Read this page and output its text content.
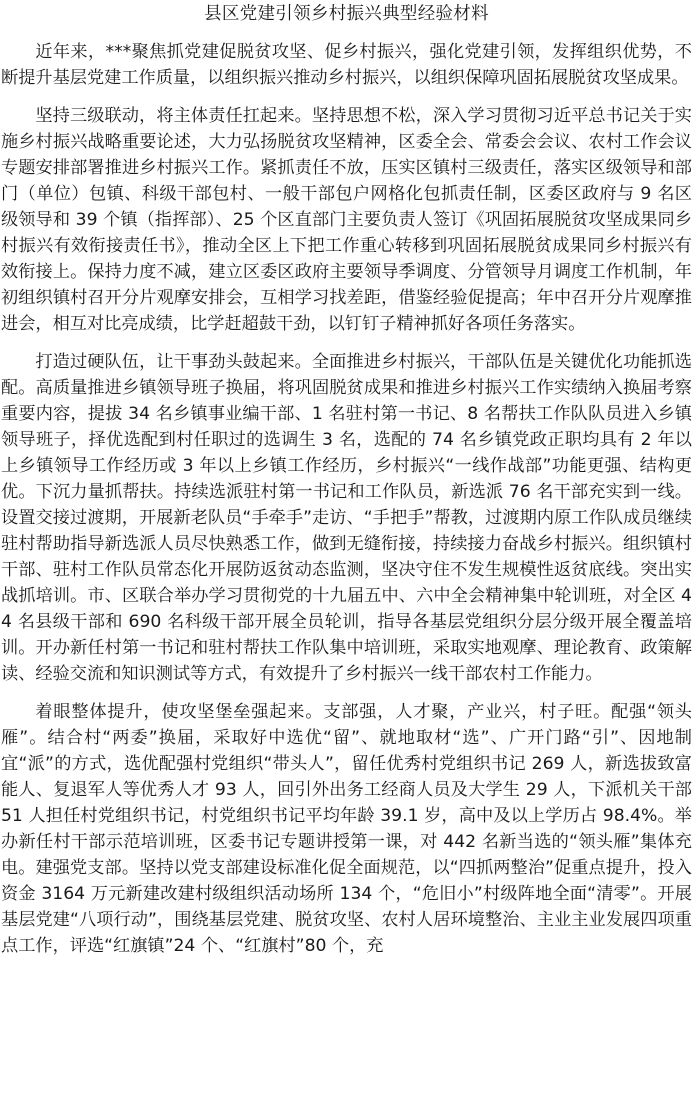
县区党建引领乡村振兴典型经验材料

近年来，***聚焦抓党建促脱贫攻坚、促乡村振兴，强化党建引领，发挥组织优势，不断提升基层党建工作质量，以组织振兴推动乡村振兴，以组织保障巩固拓展脱贫攻坚成果。

坚持三级联动，将主体责任扛起来。坚持思想不松，深入学习贯彻习近平总书记关于实施乡村振兴战略重要论述，大力弘扬脱贫攻坚精神，区委全会、常委会会议、农村工作会议专题安排部署推进乡村振兴工作。紧抓责任不放，压实区镇村三级责任，落实区级领导和部门（单位）包镇、科级干部包村、一般干部包户网格化包抓责任制，区委区政府与 9 名区级领导和 39 个镇（指挥部）、25 个区直部门主要负责人签订《巩固拓展脱贫攻坚成果同乡村振兴有效衔接责任书》，推动全区上下把工作重心转移到巩固拓展脱贫成果同乡村振兴有效衔接上。保持力度不减，建立区委区政府主要领导季调度、分管领导月调度工作机制，年初组织镇村召开分片观摩安排会，互相学习找差距，借鉴经验促提高；年中召开分片观摩推进会，相互对比亮成绩，比学赶超鼓干劲，以钉钉子精神抓好各项任务落实。

打造过硬队伍，让干事劲头鼓起来。全面推进乡村振兴，干部队伍是关键优化功能抓选配。高质量推进乡镇领导班子换届，将巩固脱贫成果和推进乡村振兴工作实绩纳入换届考察重要内容，提拔 34 名乡镇事业编干部、1 名驻村第一书记、8 名帮扶工作队队员进入乡镇领导班子，择优选配到村任职过的选调生 3 名，选配的 74 名乡镇党政正职均具有 2 年以上乡镇领导工作经历或 3 年以上乡镇工作经历，乡村振兴“一线作战部”功能更强、结构更优。下沉力量抓帮扶。持续选派驻村第一书记和工作队员，新选派 76 名干部充实到一线。设置交接过渡期，开展新老队员“手牵手”走访、“手把手”帮教，过渡期内原工作队成员继续驻村帮助指导新选派人员尽快熟悉工作，做到无缝衔接，持续接力奋战乡村振兴。组织镇村干部、驻村工作队员常态化开展防返贫动态监测，坚决守住不发生规模性返贫底线。突出实战抓培训。市、区联合举办学习贯彻党的十九届五中、六中全会精神集中轮训班，对全区 44 名县级干部和 690 名科级干部开展全员轮训，指导各基层党组织分层分级开展全覆盖培训。开办新任村第一书记和驻村帮扶工作队集中培训班，采取实地观摩、理论教育、政策解读、经验交流和知识测试等方式，有效提升了乡村振兴一线干部农村工作能力。

着眼整体提升，使攻坚堡垒强起来。支部强，人才聚，产业兴，村子旺。配强“领头雁”。结合村“两委”换届，采取好中选优“留”、就地取材“选”、广开门路“引”、因地制宜“派”的方式，选优配强村党组织“带头人”，留任优秀村党组织书记 269 人，新选拔致富能人、复退军人等优秀人才 93 人，回引外出务工经商人员及大学生 29 人，下派机关干部 51 人担任村党组织书记，村党组织书记平均年龄 39.1 岁，高中及以上学历占 98.4%。举办新任村干部示范培训班，区委书记专题讲授第一课，对 442 名新当选的“领头雁”集体充电。建强党支部。坚持以党支部建设标准化促全面规范，以“四抓两整治”促重点提升，投入资金 3164 万元新建改建村级组织活动场所 134 个，“危旧小”村级阵地全面“清零”。开展基层党建“八项行动”，围绕基层党建、脱贫攻坚、农村人居环境整治、主业主业发展四项重点工作，评选“红旗镇”24 个、“红旗村”80 个，充
